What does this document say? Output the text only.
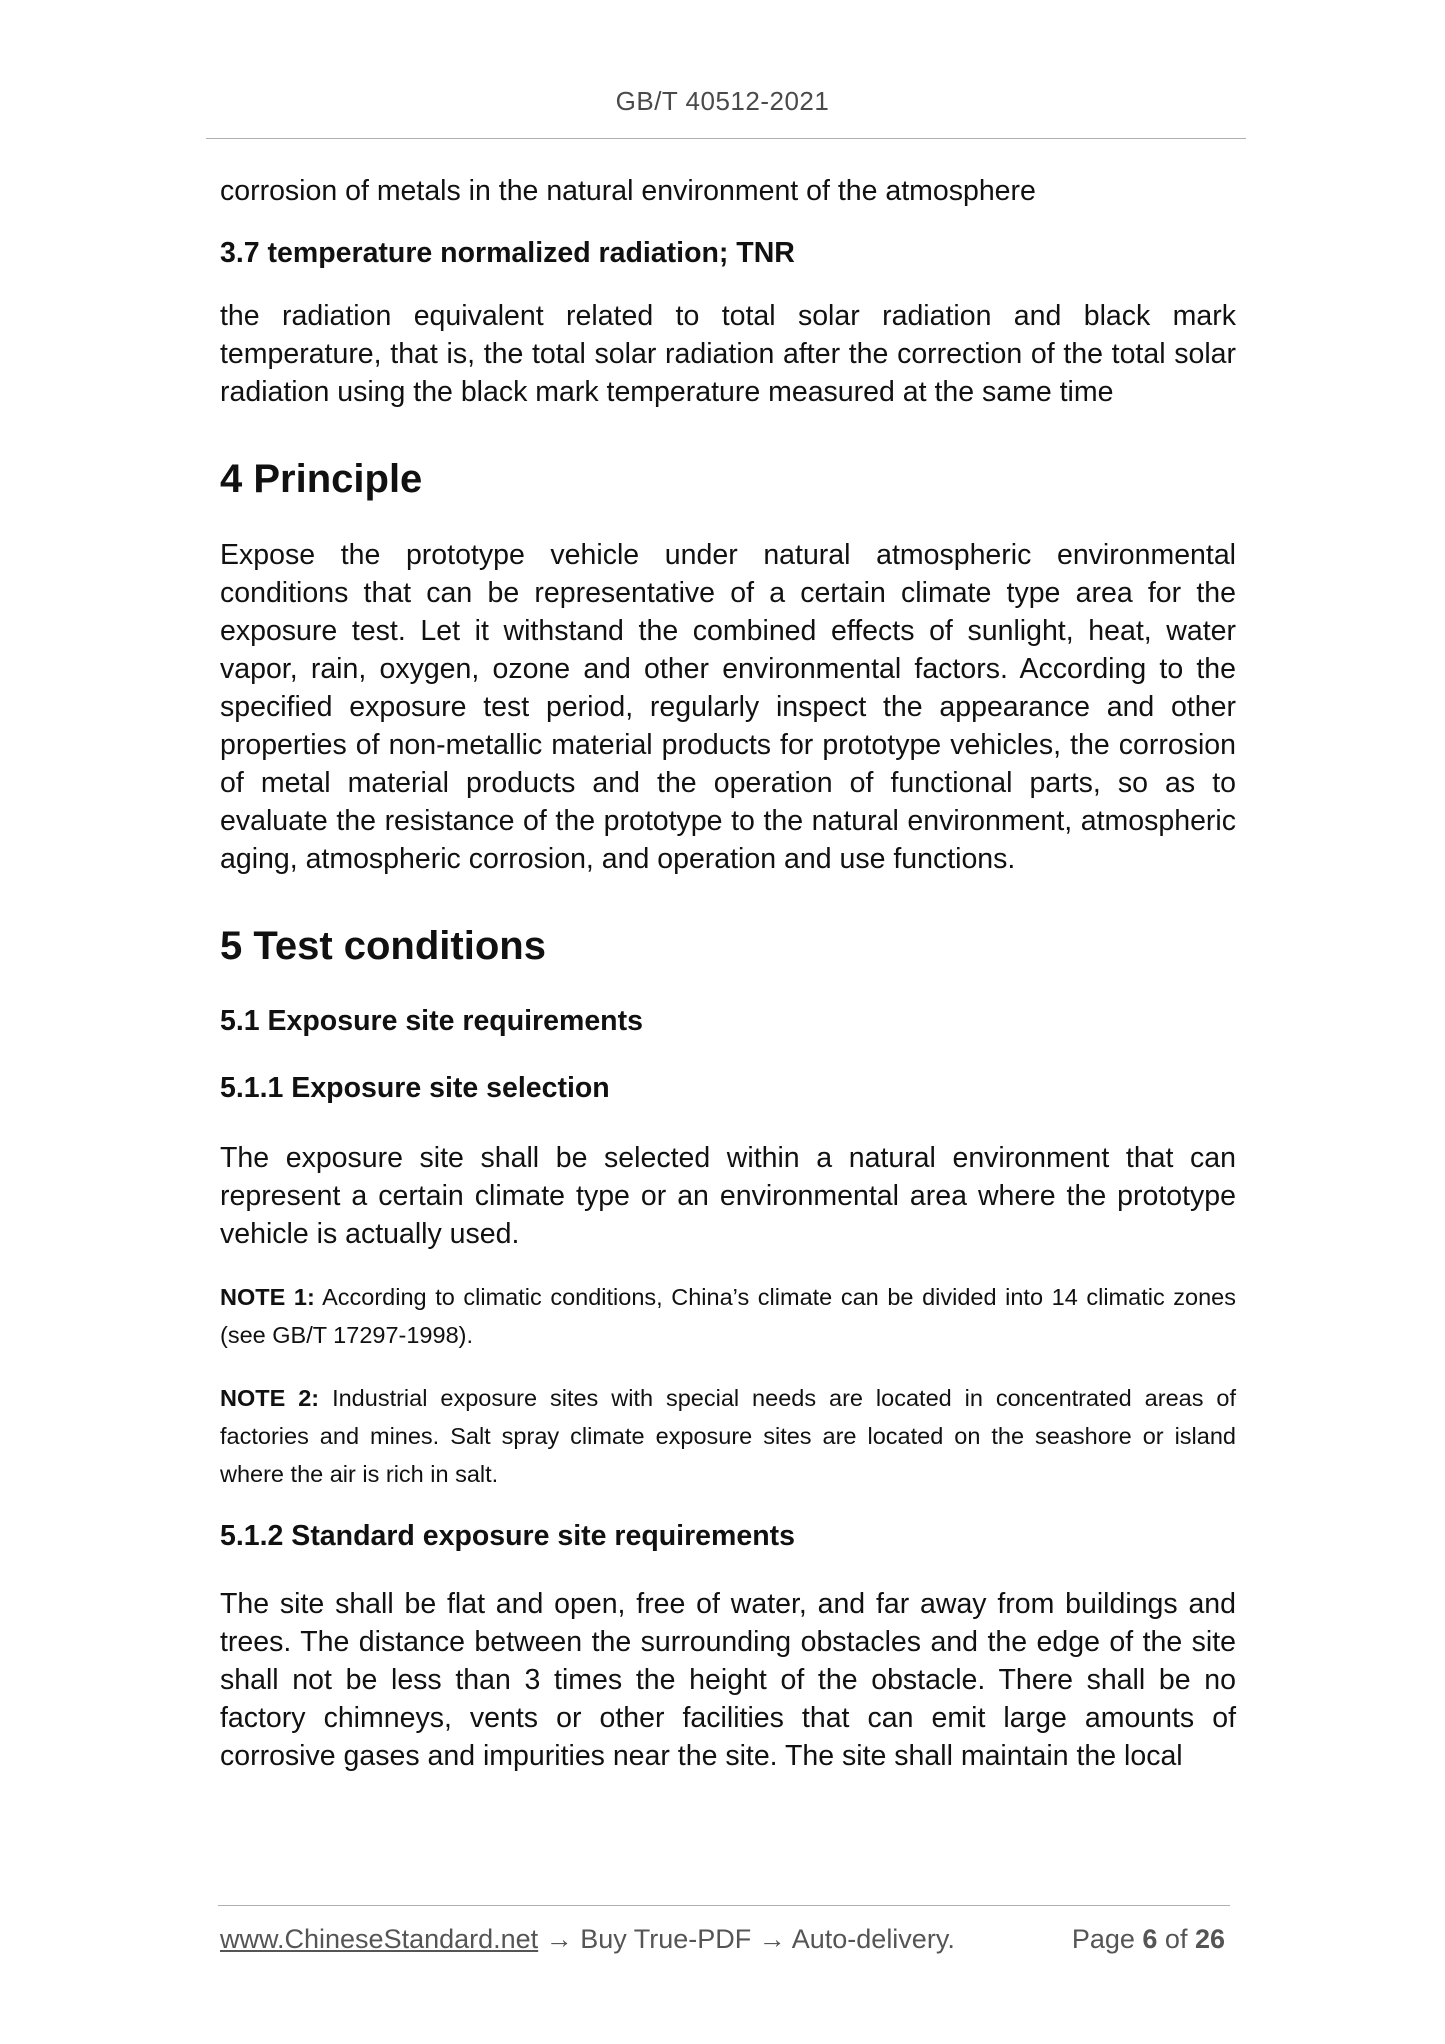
GB/T 40512-2021

corrosion of metals in the natural environment of the atmosphere

3.7 temperature normalized radiation; TNR

the radiation equivalent related to total solar radiation and black mark temperature, that is, the total solar radiation after the correction of the total solar radiation using the black mark temperature measured at the same time

4 Principle

Expose the prototype vehicle under natural atmospheric environmental conditions that can be representative of a certain climate type area for the exposure test. Let it withstand the combined effects of sunlight, heat, water vapor, rain, oxygen, ozone and other environmental factors. According to the specified exposure test period, regularly inspect the appearance and other properties of non-metallic material products for prototype vehicles, the corrosion of metal material products and the operation of functional parts, so as to evaluate the resistance of the prototype to the natural environment, atmospheric aging, atmospheric corrosion, and operation and use functions.

5 Test conditions
5.1 Exposure site requirements
5.1.1 Exposure site selection

The exposure site shall be selected within a natural environment that can represent a certain climate type or an environmental area where the prototype vehicle is actually used.

NOTE 1: According to climatic conditions, China’s climate can be divided into 14 climatic zones (see GB/T 17297-1998).

NOTE 2: Industrial exposure sites with special needs are located in concentrated areas of factories and mines. Salt spray climate exposure sites are located on the seashore or island where the air is rich in salt.

5.1.2 Standard exposure site requirements

The site shall be flat and open, free of water, and far away from buildings and trees. The distance between the surrounding obstacles and the edge of the site shall not be less than 3 times the height of the obstacle. There shall be no factory chimneys, vents or other facilities that can emit large amounts of corrosive gases and impurities near the site. The site shall maintain the local

www.ChineseStandard.net → Buy True-PDF → Auto-delivery.	Page 6 of 26
